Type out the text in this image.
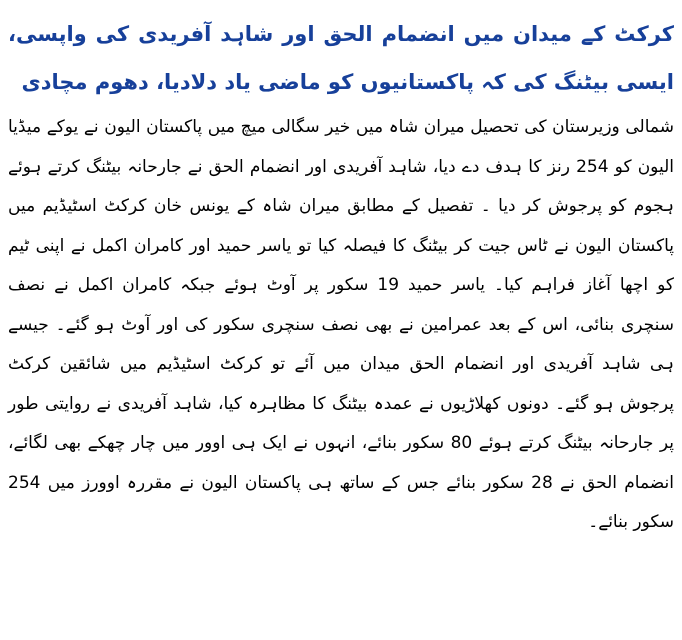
کرکٹ کے میدان میں انضمام الحق اور شاہد آفریدی کی واپسی، ایسی بیٹنگ کی کہ پاکستانیوں کو ماضی یاد دلادیا، دھوم مچادی

شمالی وزیرستان کی تحصیل میران شاہ میں خیر سگالی میچ میں پاکستان الیون نے یوکے میڈیا الیون کو 254 رنز کا ہدف دے دیا، شاہد آفریدی اور انضمام الحق نے جارحانہ بیٹنگ کرتے ہوئے ہجوم کو پرجوش کر دیا ۔ تفصیل کے مطابق میران شاہ کے یونس خان کرکٹ اسٹیڈیم میں پاکستان الیون نے ٹاس جیت کر بیٹنگ کا فیصلہ کیا تو یاسر حمید اور کامران اکمل نے اپنی ٹیم کو اچھا آغاز فراہم کیا۔ یاسر حمید 19 سکور پر آوٹ ہوئے جبکہ کامران اکمل نے نصف سنچری بنائی، اس کے بعد عمرامین نے بھی نصف سنچری سکور کی اور آوٹ ہو گئے۔ جیسے ہی شاہد آفریدی اور انضمام الحق میدان میں آئے تو کرکٹ اسٹیڈیم میں شائقین کرکٹ پرجوش ہو گئے۔ دونوں کھلاڑیوں نے عمدہ بیٹنگ کا مظاہرہ کیا، شاہد آفریدی نے روایتی طور پر جارحانہ بیٹنگ کرتے ہوئے 80 سکور بنائے، انہوں نے ایک ہی اوور میں چار چھکے بھی لگائے، انضمام الحق نے 28 سکور بنائے جس کے ساتھ ہی پاکستان الیون نے مقررہ اوورز میں 254 سکور بنائے۔
